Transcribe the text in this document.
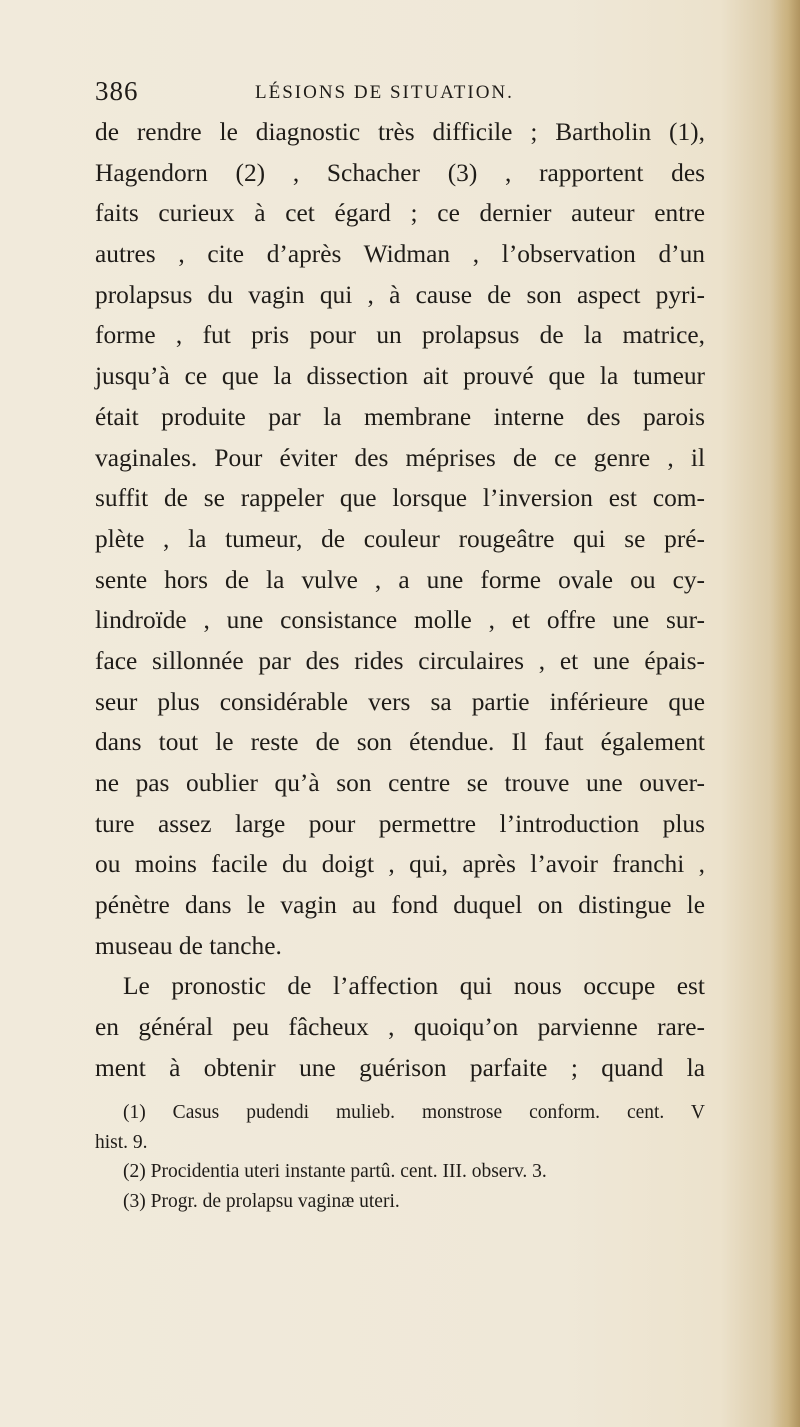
386	LÉSIONS DE SITUATION.
de rendre le diagnostic très difficile ; Bartholin (1),
Hagendorn (2) , Schacher (3) , rapportent des
faits curieux à cet égard ; ce dernier auteur entre
autres , cite d’après Widman , l’observation d’un
prolapsus du vagin qui , à cause de son aspect pyri-
forme , fut pris pour un prolapsus de la matrice,
jusqu’à ce que la dissection ait prouvé que la tumeur
était produite par la membrane interne des parois
vaginales. Pour éviter des méprises de ce genre , il
suffit de se rappeler que lorsque l’inversion est com-
plète , la tumeur, de couleur rougeâtre qui se pré-
sente hors de la vulve , a une forme ovale ou cy-
lindroïde , une consistance molle , et offre une sur-
face sillonnée par des rides circulaires , et une épais-
seur plus considérable vers sa partie inférieure que
dans tout le reste de son étendue. Il faut également
ne pas oublier qu’à son centre se trouve une ouver-
ture assez large pour permettre l’introduction plus
ou moins facile du doigt , qui, après l’avoir franchi ,
pénètre dans le vagin au fond duquel on distingue le
museau de tanche.
Le pronostic de l’affection qui nous occupe est
en général peu fâcheux , quoiqu’on parvienne rare-
ment à obtenir une guérison parfaite ; quand la
(1) Casus pudendi mulieb. monstrose conform. cent. V
hist. 9.
(2) Procidentia uteri instante partû. cent. III. observ. 3.
(3) Progr. de prolapsu vaginæ uteri.
